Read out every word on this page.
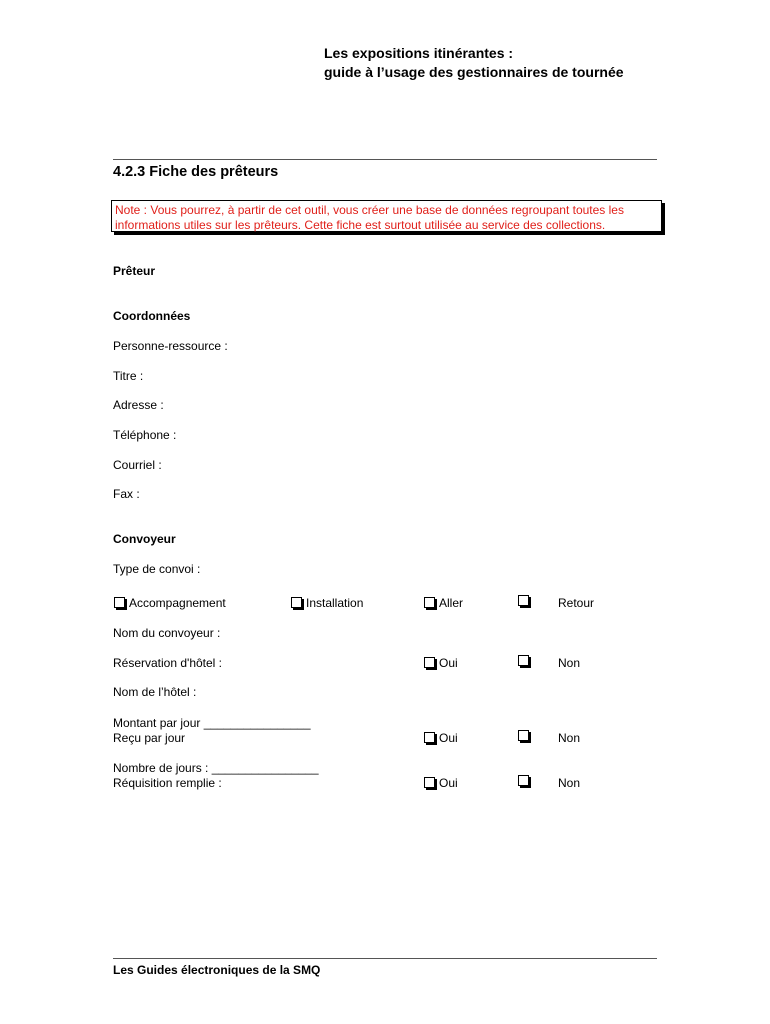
Les expositions itinérantes :
guide à l’usage des gestionnaires de tournée
4.2.3 Fiche des prêteurs
Note : Vous pourrez, à partir de cet outil, vous créer une base de données regroupant toutes les
informations utiles sur les prêteurs. Cette fiche est surtout utilisée au service des collections.
Prêteur
Coordonnées
Personne-ressource :
Titre :
Adresse :
Téléphone :
Courriel :
Fax :
Convoyeur
Type de convoi :
Accompagnement	Installation	Aller	Retour
Nom du convoyeur :
Réservation d'hôtel :	Oui	Non
Nom de l’hôtel :
Montant par jour ________________
Reçu par jour	Oui	Non
Nombre de jours : ________________
Réquisition remplie :	Oui	Non
Les Guides électroniques de la SMQ
